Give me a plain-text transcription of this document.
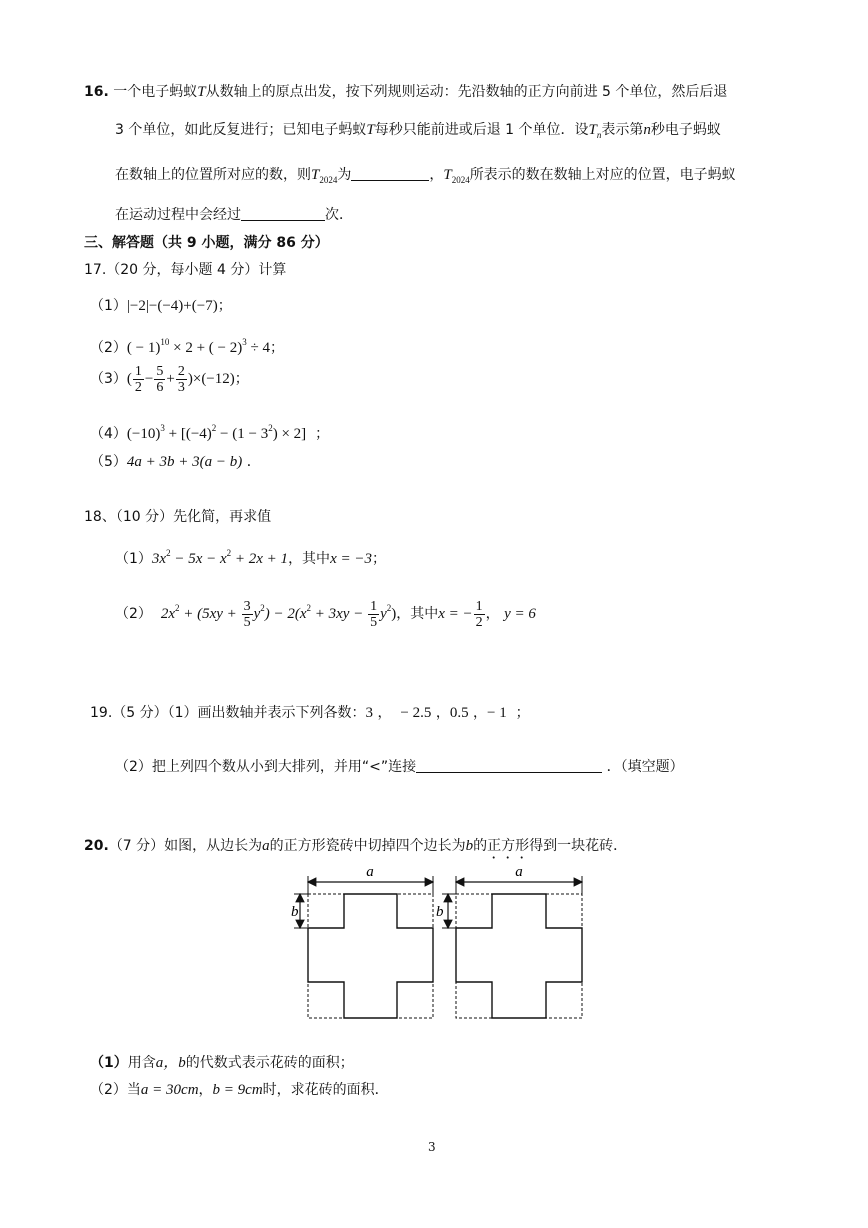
16. 一个电子蚂蚁T从数轴上的原点出发，按下列规则运动：先沿数轴的正方向前进 5 个单位，然后后退
3 个单位，如此反复进行；已知电子蚂蚁T每秒只能前进或后退 1 个单位．设$T_n$表示第n秒电子蚂蚁
在数轴上的位置所对应的数，则$T_{2024}$为	，$T_{2024}$所表示的数在数轴上对应的位置，电子蚂蚁
在运动过程中会经过	次．
三、解答题（共 9 小题，满分 86 分）
17.（20 分，每小题 4 分）计算
（1）|−2|−(−4)+(−7)；
$(2)( - 1)^{10} \times 2$ + ( − 2)$^3$ ÷ 4；
$(3)( \frac{1}{2} - \frac{5}{6} + \frac{2}{3} )\times(-12)$；
$(4)(-10)^3 + [(-4)^2 - (1 - 3^2) \times 2]$ ；
（5）4a + 3b + 3(a − b) ．
18、（10 分）先化简，再求值
$(1)3x^2 - 5x - x^2 + 2x + 1$，其中x = −3；
（2） $2x^2 + (5xy + \frac{3}{5} y^2) - 2(x^2 + 3xy - \frac{1}{5} y^2)$，其中x = − $\frac{1}{2}$ ， y = 6
19.（5 分）（1）画出数轴并表示下列各数：3 ， − 2.5 ，0.5 ，− 1 ；
（2）把上列四个数从小到大排列，并用“<”连接	．（填空题）
20.（7 分）如图，从边长为a的正方形瓷砖中切掉四个边长为b的正方形得到一块花砖．
a
b
a
b
（1）用含a，b的代数式表示花砖的面积；
（2）当a = 30cm，b = 9cm时，求花砖的面积．
3
